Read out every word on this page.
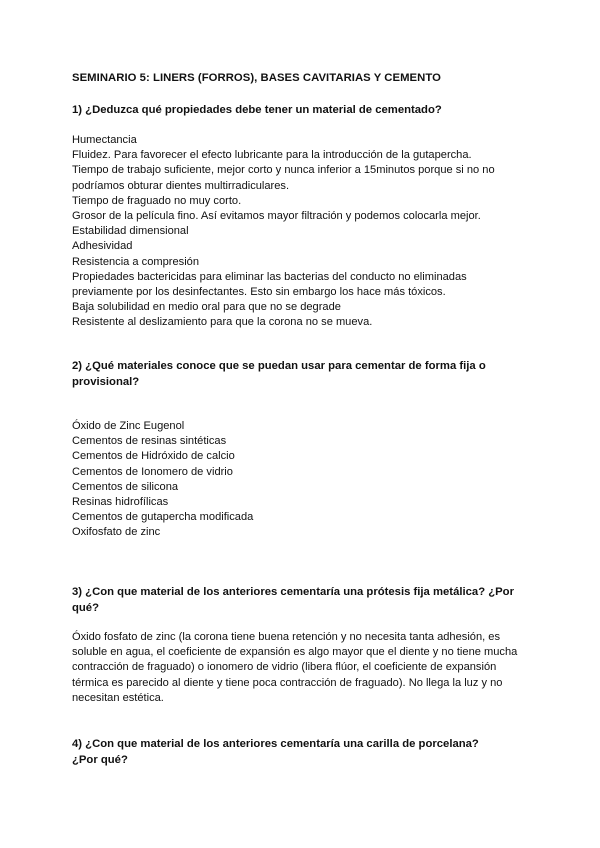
SEMINARIO 5: LINERS (FORROS), BASES CAVITARIAS Y CEMENTO
1) ¿Deduzca qué propiedades debe tener un material de cementado?
Humectancia
Fluidez. Para favorecer el efecto lubricante para la introducción de la gutapercha.
Tiempo de trabajo suficiente, mejor corto y nunca inferior a 15minutos porque si no no
podríamos obturar dientes multirradiculares.
Tiempo de fraguado no muy corto.
Grosor de la película fino. Así evitamos mayor filtración y podemos colocarla mejor.
Estabilidad dimensional
Adhesividad
Resistencia a compresión
Propiedades bactericidas para eliminar las bacterias del conducto no eliminadas
previamente por los desinfectantes. Esto sin embargo los hace más tóxicos.
Baja solubilidad en medio oral para que no se degrade
Resistente al deslizamiento para que la corona no se mueva.
2) ¿Qué materiales conoce que se puedan usar para cementar de forma fija o
provisional?
Óxido de Zinc Eugenol
Cementos de resinas sintéticas
Cementos de Hidróxido de calcio
Cementos de Ionomero de vidrio
Cementos de silicona
Resinas hidrofílicas
Cementos de gutapercha modificada
Oxifosfato de zinc
3) ¿Con que material de los anteriores cementaría una prótesis fija metálica? ¿Por
qué?
Óxido fosfato de zinc (la corona tiene buena retención y no necesita tanta adhesión, es
soluble en agua, el coeficiente de expansión es algo mayor que el diente y no tiene mucha
contracción de fraguado) o ionomero de vidrio (libera flúor, el coeficiente de expansión
térmica es parecido al diente y tiene poca contracción de fraguado). No llega la luz y no
necesitan estética.
4) ¿Con que material de los anteriores cementaría una carilla de porcelana?
¿Por qué?
